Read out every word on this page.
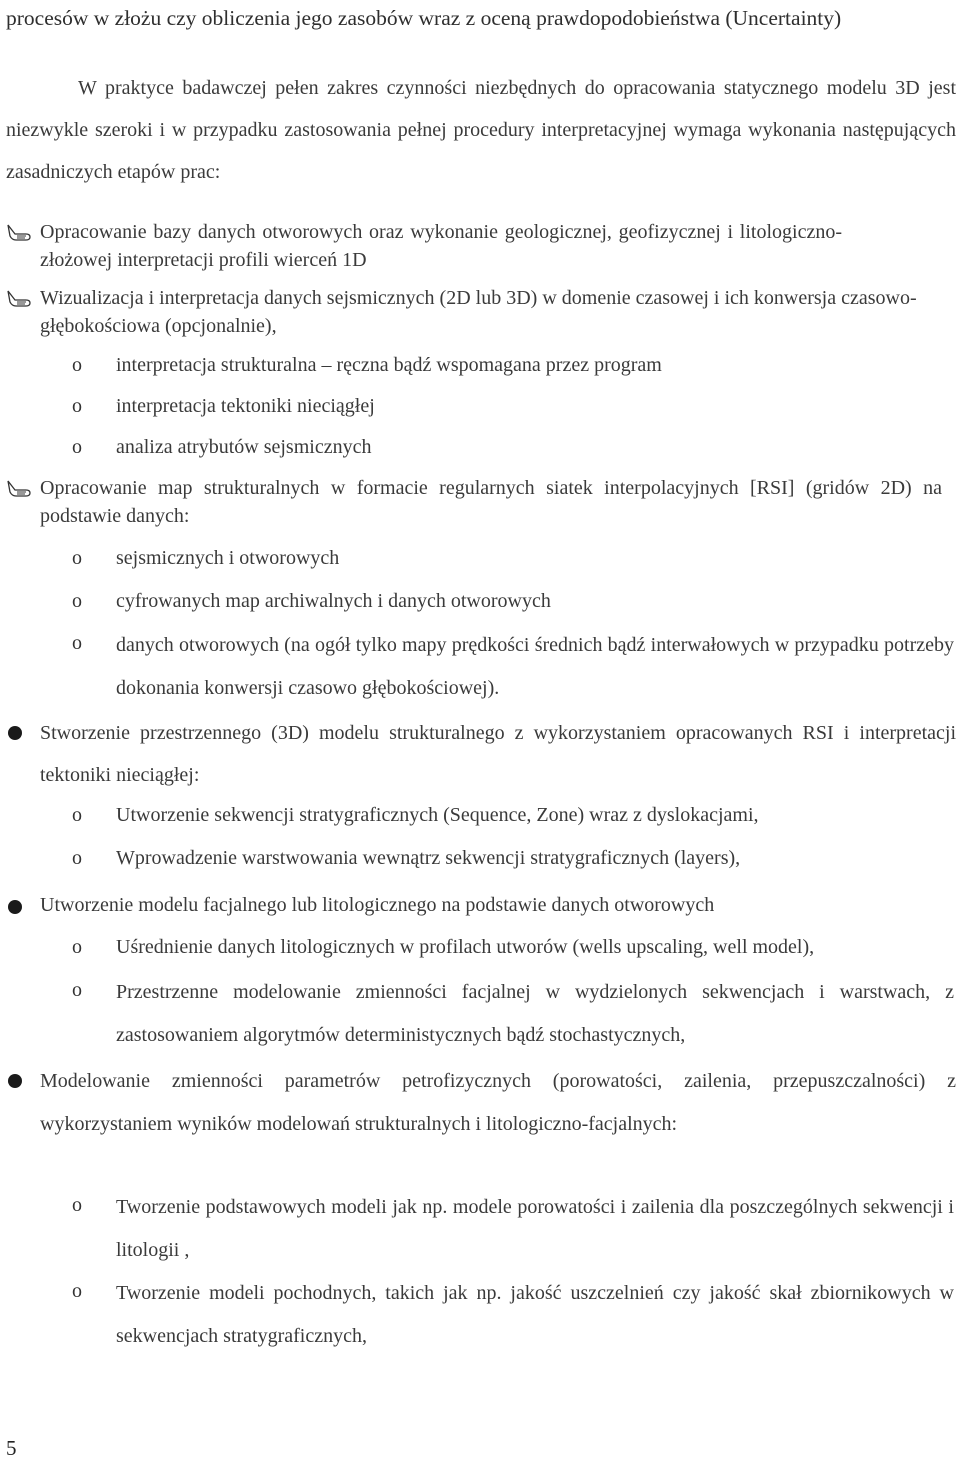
procesów w złożu czy obliczenia jego zasobów wraz z oceną prawdopodobieństwa (Uncertainty)
W praktyce badawczej pełen zakres czynności niezbędnych do opracowania statycznego modelu 3D jest niezwykle szeroki i w przypadku zastosowania pełnej procedury interpretacyjnej wymaga wykonania następujących zasadniczych etapów prac:
Opracowanie bazy danych otworowych oraz wykonanie geologicznej, geofizycznej i litologiczno-złożowej interpretacji profili wierceń 1D
Wizualizacja i interpretacja danych sejsmicznych (2D lub 3D) w domenie czasowej i ich konwersja czasowo-głębokościowa (opcjonalnie),
o interpretacja strukturalna – ręczna bądź wspomagana przez program
o interpretacja tektoniki nieciągłej
o analiza atrybutów sejsmicznych
Opracowanie map strukturalnych w formacie regularnych siatek interpolacyjnych [RSI] (gridów 2D) na podstawie danych:
o sejsmicznych i otworowych
o cyfrowanych map archiwalnych i danych otworowych
o danych otworowych (na ogół tylko mapy prędkości średnich bądź interwałowych w przypadku potrzeby dokonania konwersji czasowo głębokościowej).
Stworzenie przestrzennego (3D) modelu strukturalnego z wykorzystaniem opracowanych RSI i interpretacji tektoniki nieciągłej:
o Utworzenie sekwencji stratygraficznych (Sequence, Zone) wraz z dyslokacjami,
o Wprowadzenie warstwowania wewnątrz sekwencji stratygraficznych (layers),
Utworzenie modelu facjalnego lub litologicznego na podstawie danych otworowych
o Uśrednienie danych litologicznych w profilach utworów (wells upscaling, well model),
o Przestrzenne modelowanie zmienności facjalnej w wydzielonych sekwencjach i warstwach, z zastosowaniem algorytmów deterministycznych bądź stochastycznych,
Modelowanie zmienności parametrów petrofizycznych (porowatości, zailenia, przepuszczalności) z wykorzystaniem wyników modelowań strukturalnych i litologiczno-facjalnych:
o Tworzenie podstawowych modeli jak np. modele porowatości i zailenia dla poszczególnych sekwencji i litologii ,
o Tworzenie modeli pochodnych, takich jak np. jakość uszczelnień czy jakość skał zbiornikowych w sekwencjach stratygraficznych,
5
